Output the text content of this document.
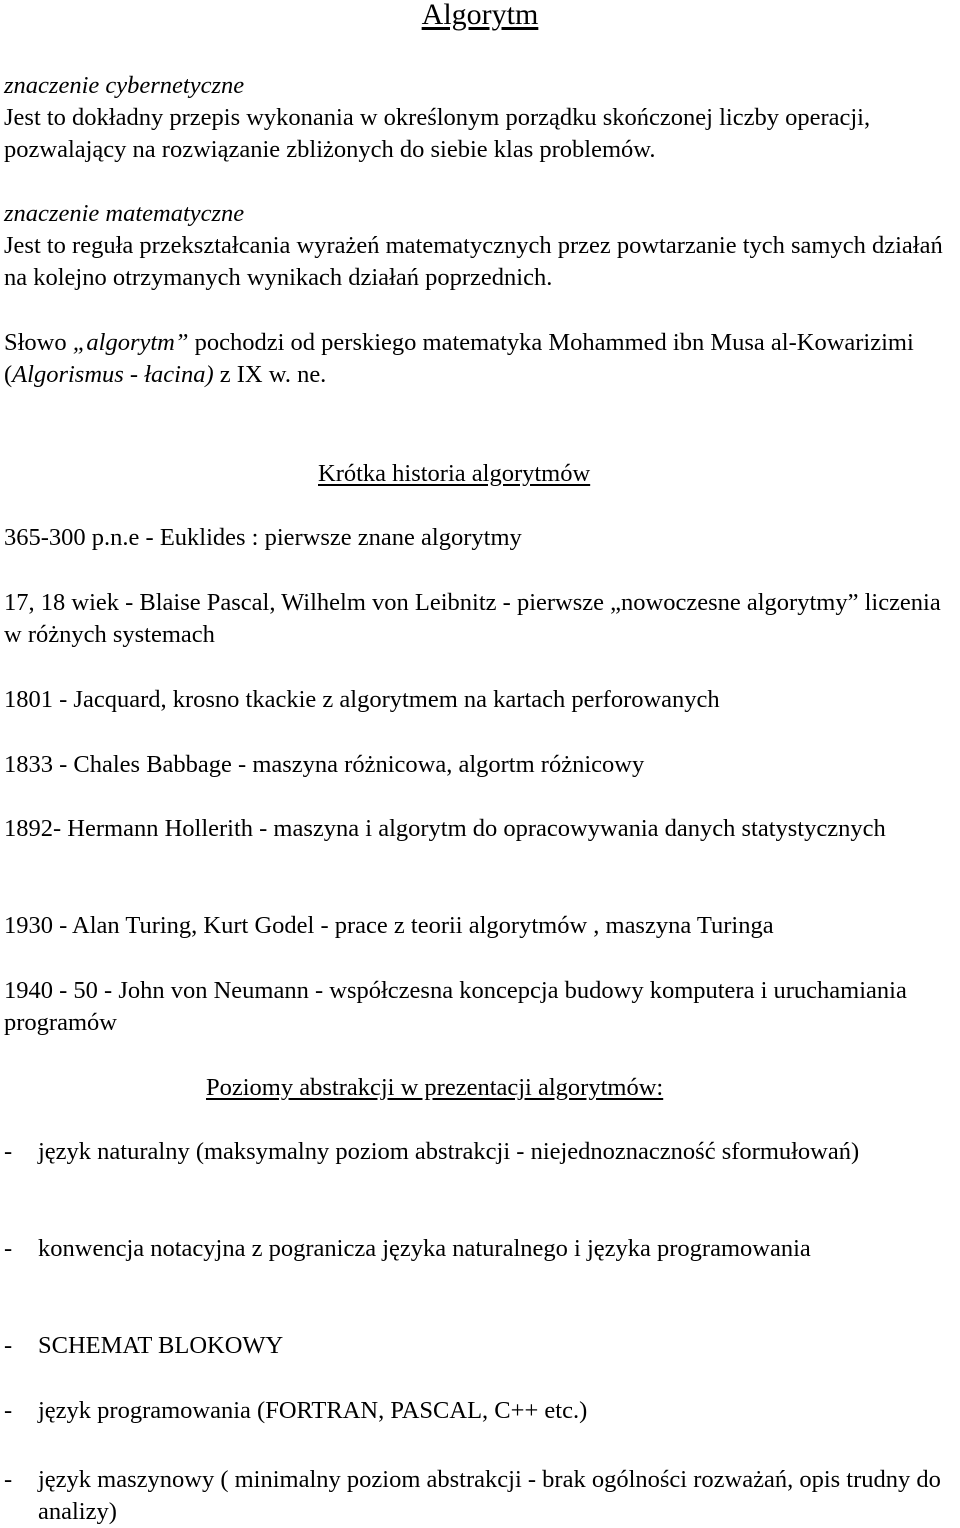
Algorytm
znaczenie cybernetyczne
Jest to dokładny przepis wykonania w określonym porządku skończonej liczby operacji, pozwalający na rozwiązanie zbliżonych do siebie klas problemów.
znaczenie matematyczne
Jest to reguła przekształcania wyrażeń matematycznych przez powtarzanie tych samych działań na kolejno otrzymanych wynikach działań poprzednich.
Słowo „algorytm” pochodzi od perskiego matematyka Mohammed ibn Musa al-Kowarizimi (Algorismus - łacina) z IX w. ne.
Krótka historia algorytmów
365-300 p.n.e - Euklides : pierwsze znane algorytmy
17, 18 wiek - Blaise Pascal, Wilhelm von Leibnitz - pierwsze „nowoczesne algorytmy” liczenia w różnych systemach
1801 - Jacquard, krosno tkackie z algorytmem na kartach perforowanych
1833 - Chales Babbage - maszyna różnicowa, algortm różnicowy
1892- Hermann Hollerith - maszyna i algorytm do opracowywania danych statystycznych
1930 - Alan Turing, Kurt Godel - prace z teorii algorytmów , maszyna Turinga
1940 - 50 - John von Neumann - współczesna koncepcja budowy komputera i uruchamiania programów
Poziomy abstrakcji w prezentacji algorytmów:
-	język naturalny (maksymalny poziom abstrakcji - niejednoznaczność sformułowań)
-	konwencja notacyjna z pogranicza języka naturalnego i języka programowania
-	SCHEMAT BLOKOWY
-	język programowania (FORTRAN, PASCAL, C++ etc.)
-	język maszynowy ( minimalny poziom abstrakcji - brak ogólności rozważań, opis trudny do analizy)
